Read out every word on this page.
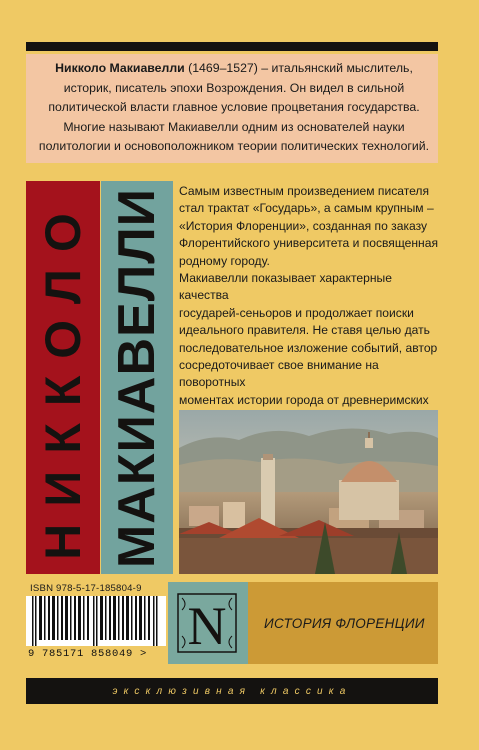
Никколо Макиавелли (1469–1527) – итальянский мыслитель,
историк, писатель эпохи Возрождения. Он видел в сильной
политической власти главное условие процветания государства.
Многие называют Макиавелли одним из основателей науки
политологии и основоположником теории политических технологий.
НИККОЛО МАКИАВЕЛЛИ Самым известным произведением писателя

стал трактат «Государь», а самым крупным –

«История Флоренции», созданная по заказу

Флорентийского университета и посвященная

родному городу.

Макиавелли показывает характерные качества

государей-сеньоров и продолжает поиски

идеального правителя. Не ставя целью дать

последовательное изложение событий, автор

сосредоточивает свое внимание на поворотных

моментах истории города от древнеримских

ISBN 978-5-17-185804-9
9 785171 858049 > N	ИСТОРИЯ ФЛОРЕНЦИИ
эксклюзивная классика
